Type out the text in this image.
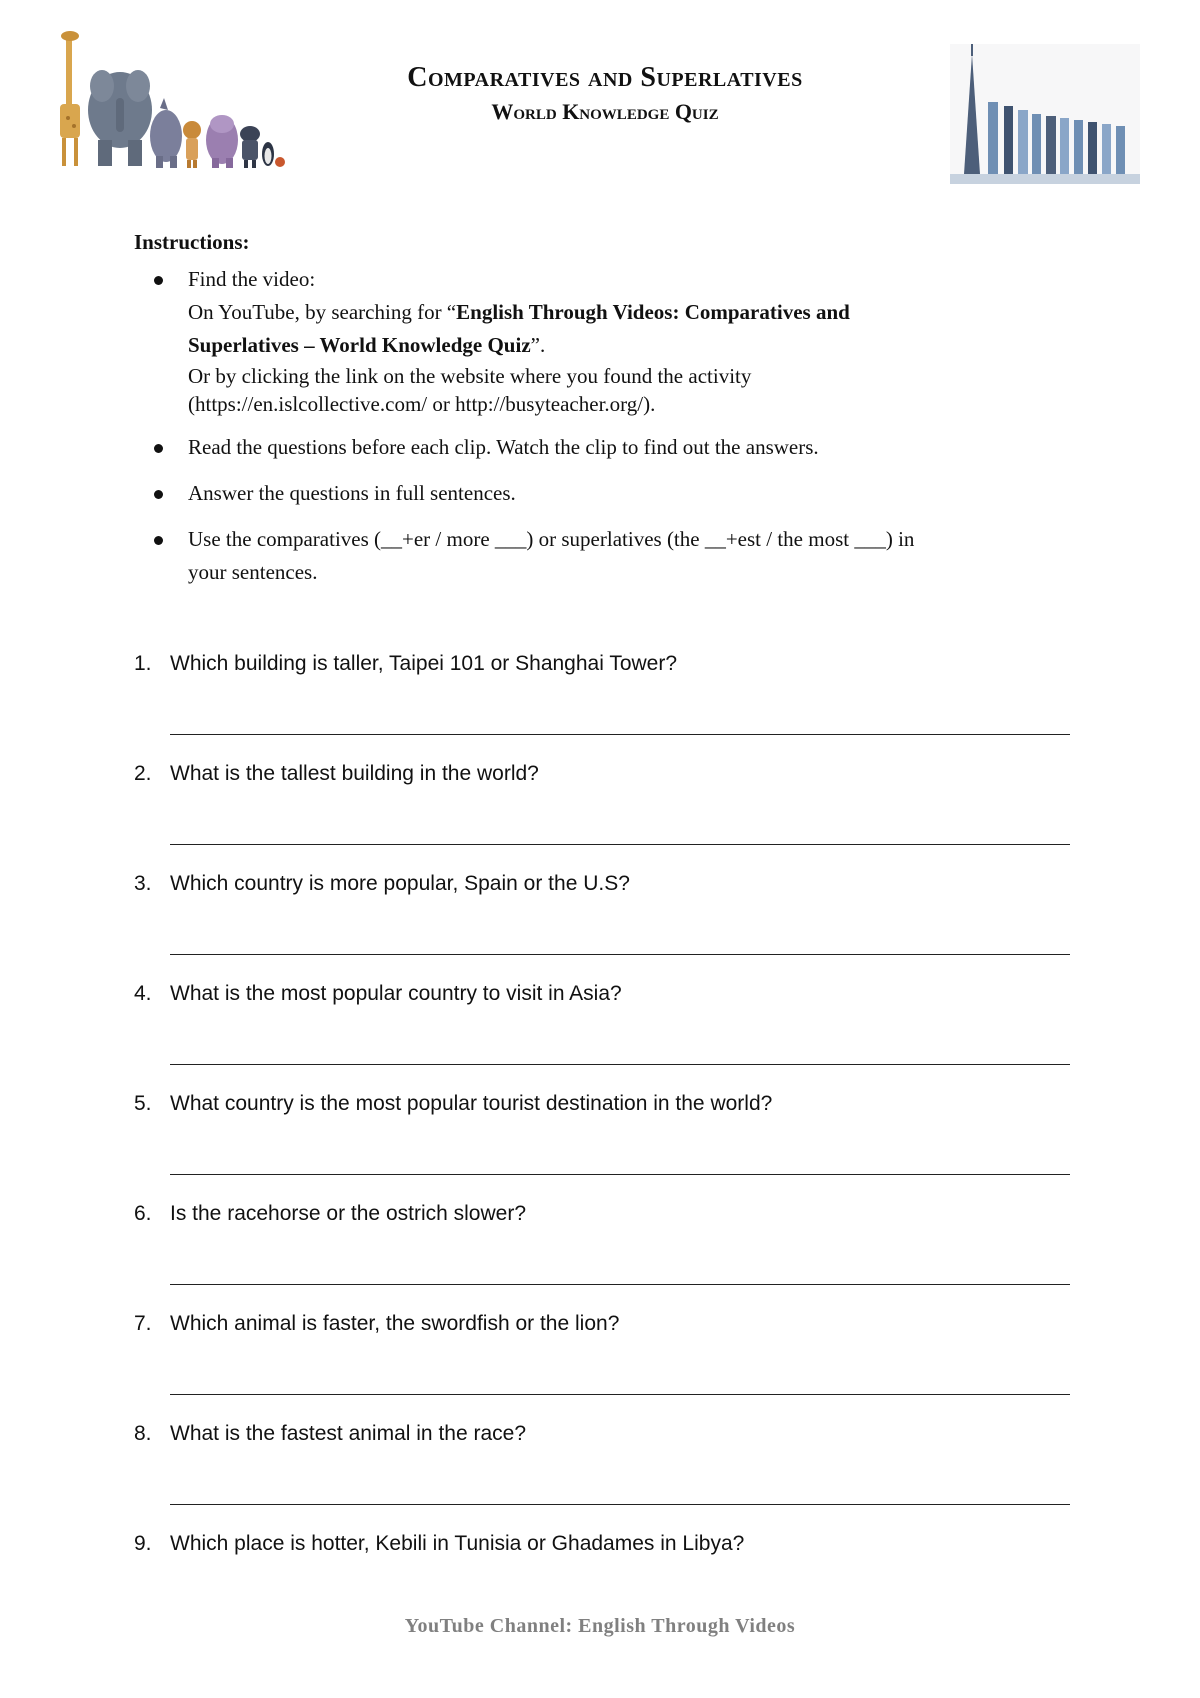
Comparatives and Superlatives
World Knowledge Quiz

Instructions:

Find the video:
On YouTube, by searching for “English Through Videos: Comparatives and
Superlatives – World Knowledge Quiz”.
Or by clicking the link on the website where you found the activity
(https://en.islcollective.com/ or http://busyteacher.org/).
Read the questions before each clip. Watch the clip to find out the answers.
Answer the questions in full sentences.
Use the comparatives (__+er / more ___) or superlatives (the __+est / the most ___) in
your sentences.
1. Which building is taller, Taipei 101 or Shanghai Tower?
2. What is the tallest building in the world?
3. Which country is more popular, Spain or the U.S?
4. What is the most popular country to visit in Asia?
5. What country is the most popular tourist destination in the world?
6. Is the racehorse or the ostrich slower?
7. Which animal is faster, the swordfish or the lion?
8. What is the fastest animal in the race?
9. Which place is hotter, Kebili in Tunisia or Ghadames in Libya?
YouTube Channel: English Through Videos
